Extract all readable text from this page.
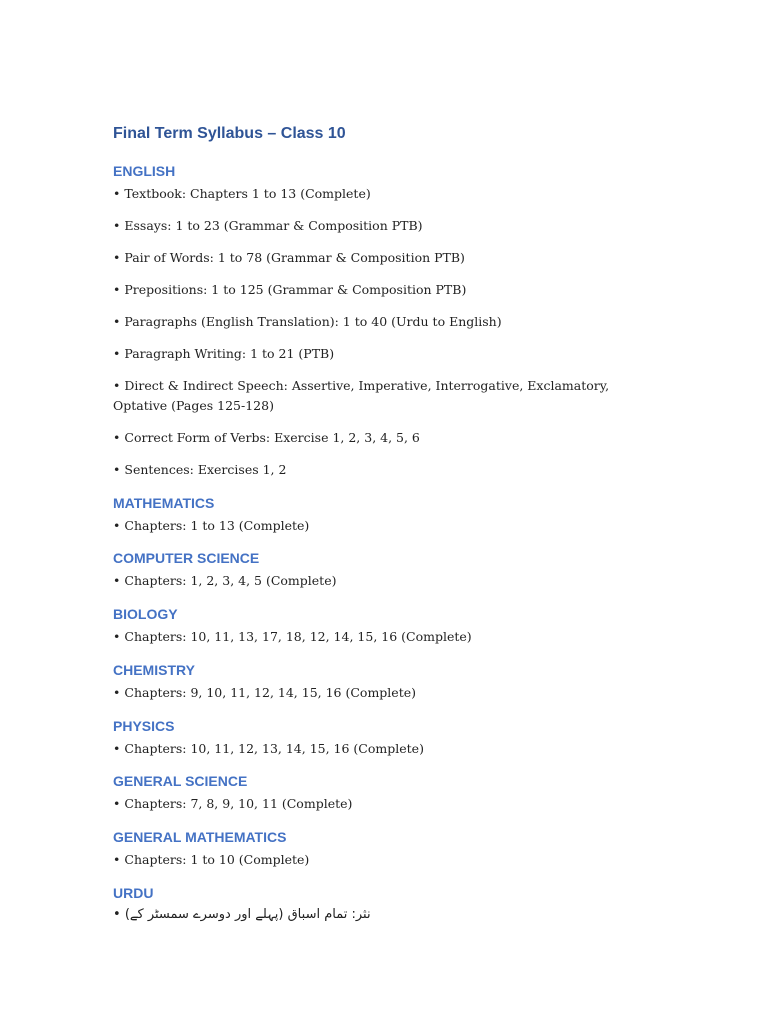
Final Term Syllabus – Class 10
ENGLISH

• Textbook: Chapters 1 to 13 (Complete)

• Essays: 1 to 23 (Grammar & Composition PTB)

• Pair of Words: 1 to 78 (Grammar & Composition PTB)

• Prepositions: 1 to 125 (Grammar & Composition PTB)

• Paragraphs (English Translation): 1 to 40 (Urdu to English)

• Paragraph Writing: 1 to 21 (PTB)

• Direct & Indirect Speech: Assertive, Imperative, Interrogative, Exclamatory, Optative (Pages 125-128)

• Correct Form of Verbs: Exercise 1, 2, 3, 4, 5, 6

• Sentences: Exercises 1, 2

MATHEMATICS

• Chapters: 1 to 13 (Complete)

COMPUTER SCIENCE

• Chapters: 1, 2, 3, 4, 5 (Complete)

BIOLOGY

• Chapters: 10, 11, 13, 17, 18, 12, 14, 15, 16 (Complete)

CHEMISTRY

• Chapters: 9, 10, 11, 12, 14, 15, 16 (Complete)

PHYSICS

• Chapters: 10, 11, 12, 13, 14, 15, 16 (Complete)

GENERAL SCIENCE

• Chapters: 7, 8, 9, 10, 11 (Complete)

GENERAL MATHEMATICS

• Chapters: 1 to 10 (Complete)

URDU
• نثر: تمام اسباق (پہلے اور دوسرے سمسٹر کے)
